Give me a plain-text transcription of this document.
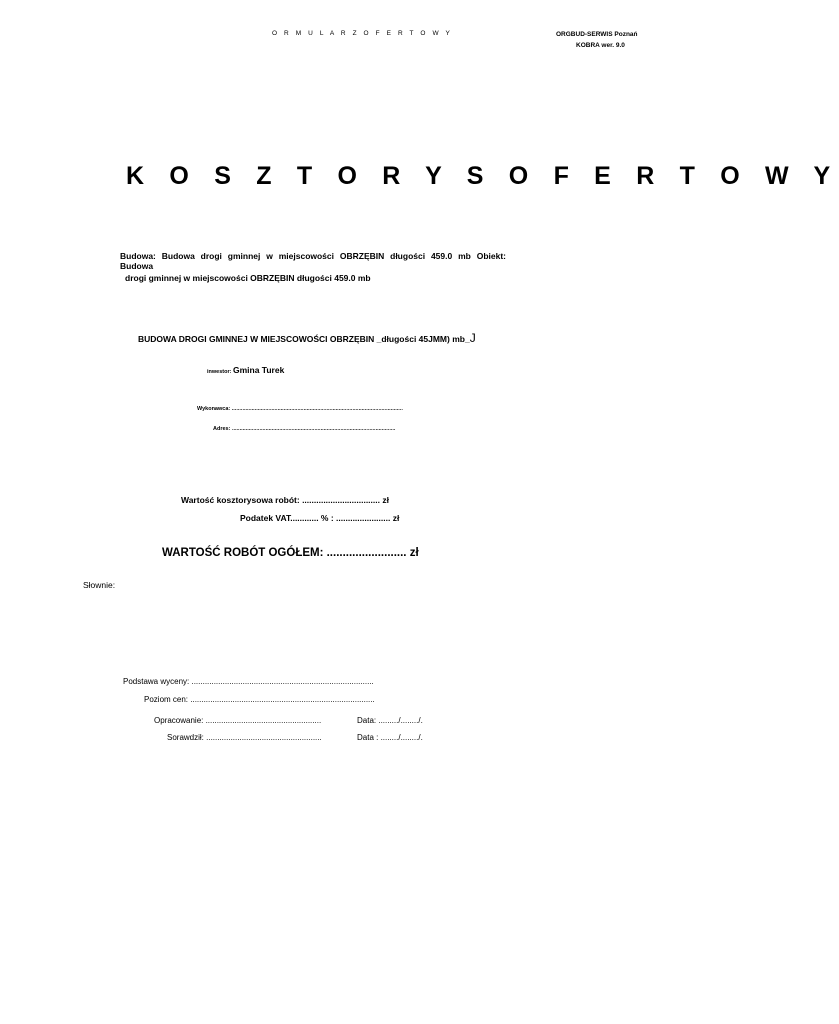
O R M U L A R Z O F E R T O W Y	ORGBUD-SERWIS Poznań
KOBRA wer. 9.0
K O S Z T O R Y S O F E R T O W Y
Budowa: Budowa drogi gminnej w miejscowości OBRZĘBIN długości 459.0 mb Obiekt: Budowa
drogi gminnej w miejscowości OBRZĘBIN długości 459.0 mb
BUDOWA DROGI GMINNEJ W MIEJSCOWOŚCI OBRZĘBIN _długości 45JMM) mb_J
inwestor: Gmina Turek
Wykonawca: ................................................................................................................
Adres: ...........................................................................................................
Wartość kosztorysowa robót: ................................. zł
Podatek VAT............ % : ....................... zł
WARTOŚĆ ROBÓT OGÓŁEM: ......................... zł
Słownie:
Podstawa wyceny: ..................................................................................
Poziom cen: ...................................................................................
Opracowanie: ....................................................
Sorawdził: ....................................................
Data: ........./......../.
Data : ......../......../.
